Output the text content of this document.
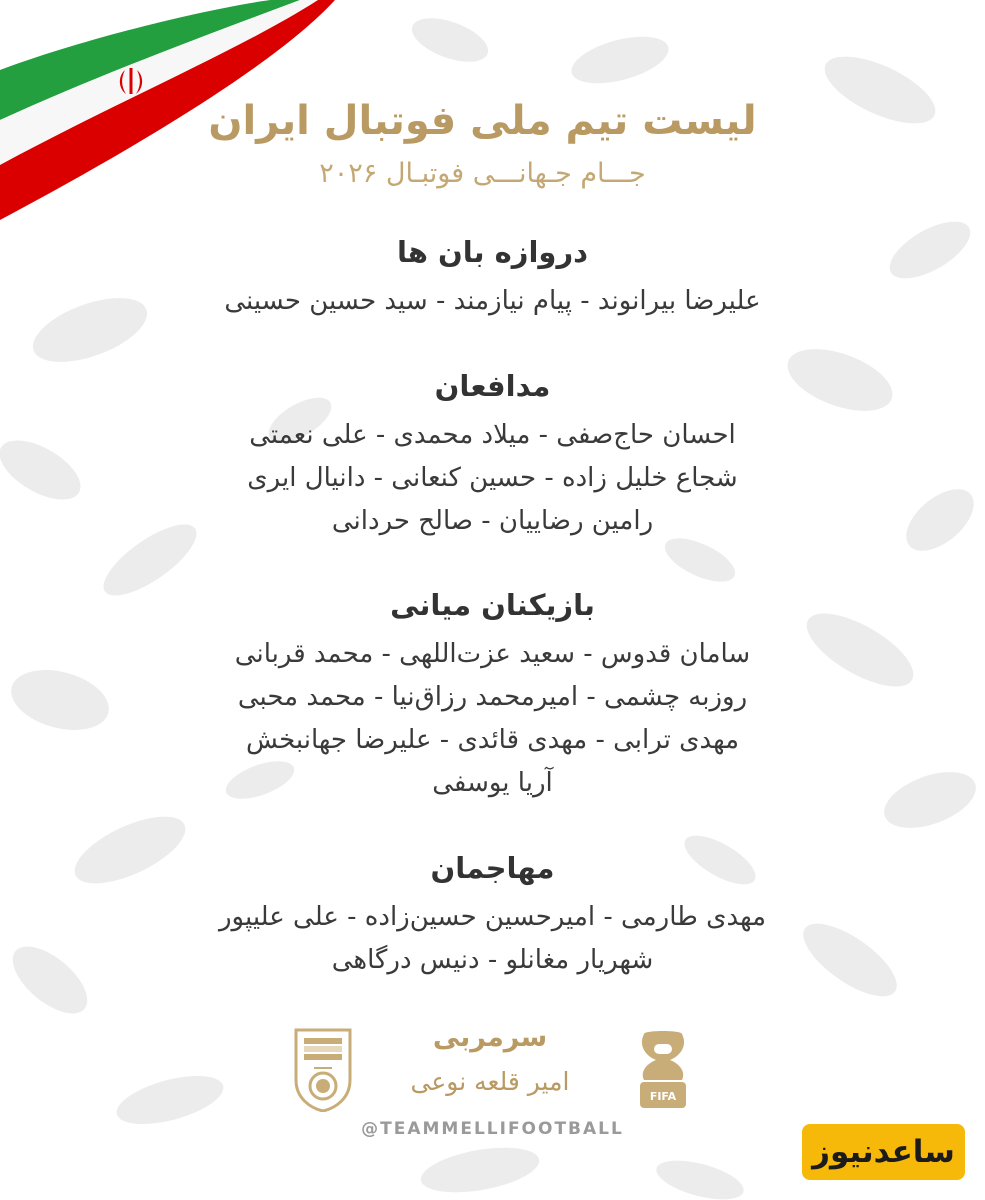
لیست تیم ملی فوتبال ایران
جـــام جـهانـــی فوتبـال ۲۰۲۶
دروازه بان ها
علیرضا بیرانوند - پیام نیازمند - سید حسین حسینی
مدافعان
احسان حاج‌صفی - میلاد محمدی - علی نعمتی
شجاع خلیل زاده - حسین کنعانی - دانیال ایری
رامین رضاییان - صالح حردانی
بازیکنان میانی
سامان قدوس - سعید عزت‌اللهی - محمد قربانی
روزبه چشمی - امیرمحمد رزاق‌نیا - محمد محبی
مهدی ترابی - مهدی قائدی - علیرضا جهانبخش
آریا یوسفی
مهاجمان
مهدی طارمی - امیرحسین حسین‌زاده - علی علیپور
شهریار مغانلو - دنیس درگاهی
سرمربی
امیر قلعه نوعی
FIFA
@TEAMMELLIFOOTBALL
ساعدنیوز
